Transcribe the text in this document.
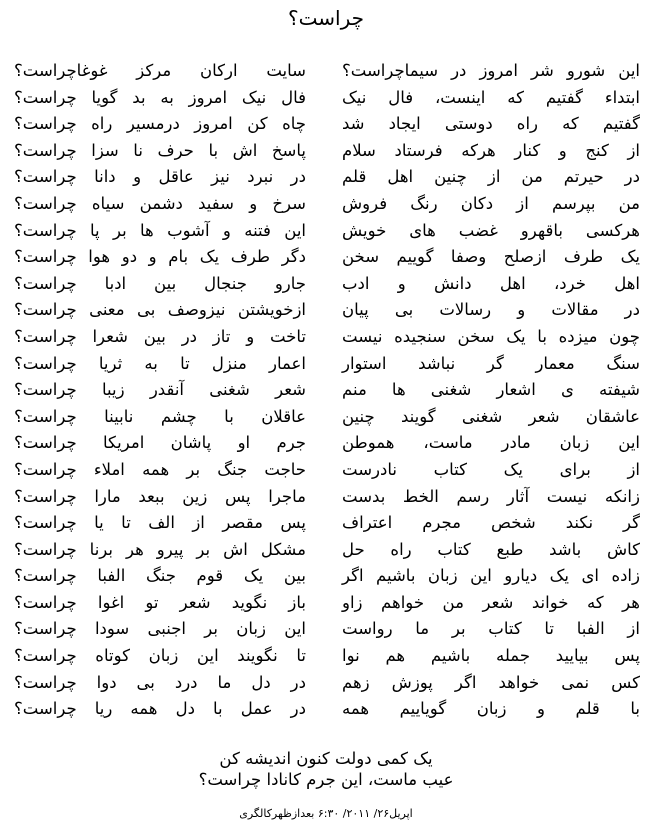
چراست؟
این شورو شر امروز در سیماچراست؟
سایت ارکان مرکز غوغاچراست؟
ابتداء گفتیم که اینست، فال نیک
فال نیک امروز به بد گویا چراست؟
گفتیم که راه دوستی ایجاد شد
چاه کن امروز درمسیر راه چراست؟
از کنج و کنار هرکه فرستاد سلام
پاسخ اش با حرف نا سزا چراست؟
در حیرتم من از چنین اهل قلم
در نبرد نیز عاقل و دانا چراست؟
من بپرسم از دکان رنگ فروش
سرخ و سفید دشمن سیاه چراست؟
هرکسی باقهرو غضب های خویش
این فتنه و آشوب ها بر پا چراست؟
یک طرف ازصلح وصفا گوییم سخن
دگر طرف یک بام و دو هوا چراست؟
اهل خرد، اهل دانش و ادب
جارو جنجال بین ادبا چراست؟
در مقالات و رسالات بی پیان
ازخویشتن نیزوصف بی معنی چراست؟
چون میزده با یک سخن سنجیده نیست
تاخت و تاز در بین شعرا چراست؟
سنگ معمار گر نباشد استوار
اعمار منزل تا به ثریا چراست؟
شیفته ی اشعار شغنی ها منم
شعر شغنی آنقدر زیبا چراست؟
عاشقان شعر شغنی گویند چنین
عاقلان با چشم نابینا چراست؟
این زبان مادر ماست، هموطن
جرم او پاشان امریکا چراست؟
از برای یک کتاب نادرست
حاجت جنگ بر همه املاء چراست؟
زانکه نیست آثار رسم الخط بدست
ماجرا پس زین ببعد مارا چراست؟
گر نکند شخص مجرم اعتراف
پس مقصر از الف تا یا چراست؟
کاش باشد طبع کتاب راه حل
مشکل اش بر پیرو هر برنا چراست؟
زاده ای یک دیارو این زبان باشیم اگر
بین یک قوم جنگ الفبا چراست؟
هر که خواند شعر من خواهم زاو
باز نگوید شعر تو اغوا چراست؟
از الفبا تا کتاب بر ما رواست
این زبان بر اجنبی سودا چراست؟
پس بیایید جمله باشیم هم نوا
تا نگویند این زبان کوتاه چراست؟
کس نمی خواهد اگر پوزش زهم
در دل ما درد بی دوا چراست؟
با قلم و زبان گویاییم همه
در عمل با دل همه ریا چراست؟
یک کمی دولت کنون اندیشه کن
عیب ماست، این جرم کانادا چراست؟
اپریل۲۶/ ۲۰۱۱/ ۶:۳۰ بعدازظهرکالگری
